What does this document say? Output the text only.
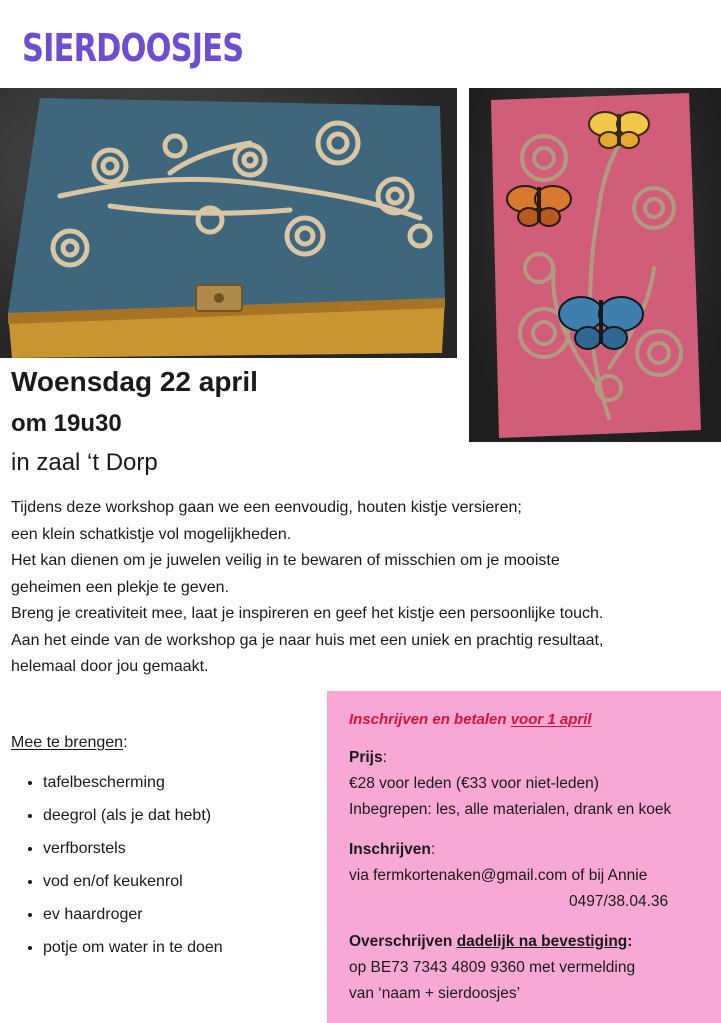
SIERDOOSJES
Woensdag 22 april
om 19u30
in zaal ‘t Dorp

Tijdens deze workshop gaan we een eenvoudig, houten kistje versieren;

een klein schatkistje vol mogelijkheden.

Het kan dienen om je juwelen veilig in te bewaren of misschien om je mooiste

geheimen een plekje te geven.

Breng je creativiteit mee, laat je inspireren en geef het kistje een persoonlijke touch.

Aan het einde van de workshop ga je naar huis met een uniek en prachtig resultaat,

helemaal door jou gemaakt.

Mee te brengen:
• tafelbescherming
• deegrol (als je dat hebt)
• verfborstels
• vod en/of keukenrol
• ev haardroger
• potje om water in te doen
Inschrijven en betalen voor 1 april
Prijs:
€28 voor leden (€33 voor niet-leden)
Inbegrepen: les, alle materialen, drank en koek
Inschrijven:
via fermkortenaken@gmail.com of bij Annie
0497/38.04.36
Overschrijven dadelijk na bevestiging:
op BE73 7343 4809 9360 met vermelding
van ‘naam + sierdoosjes’
